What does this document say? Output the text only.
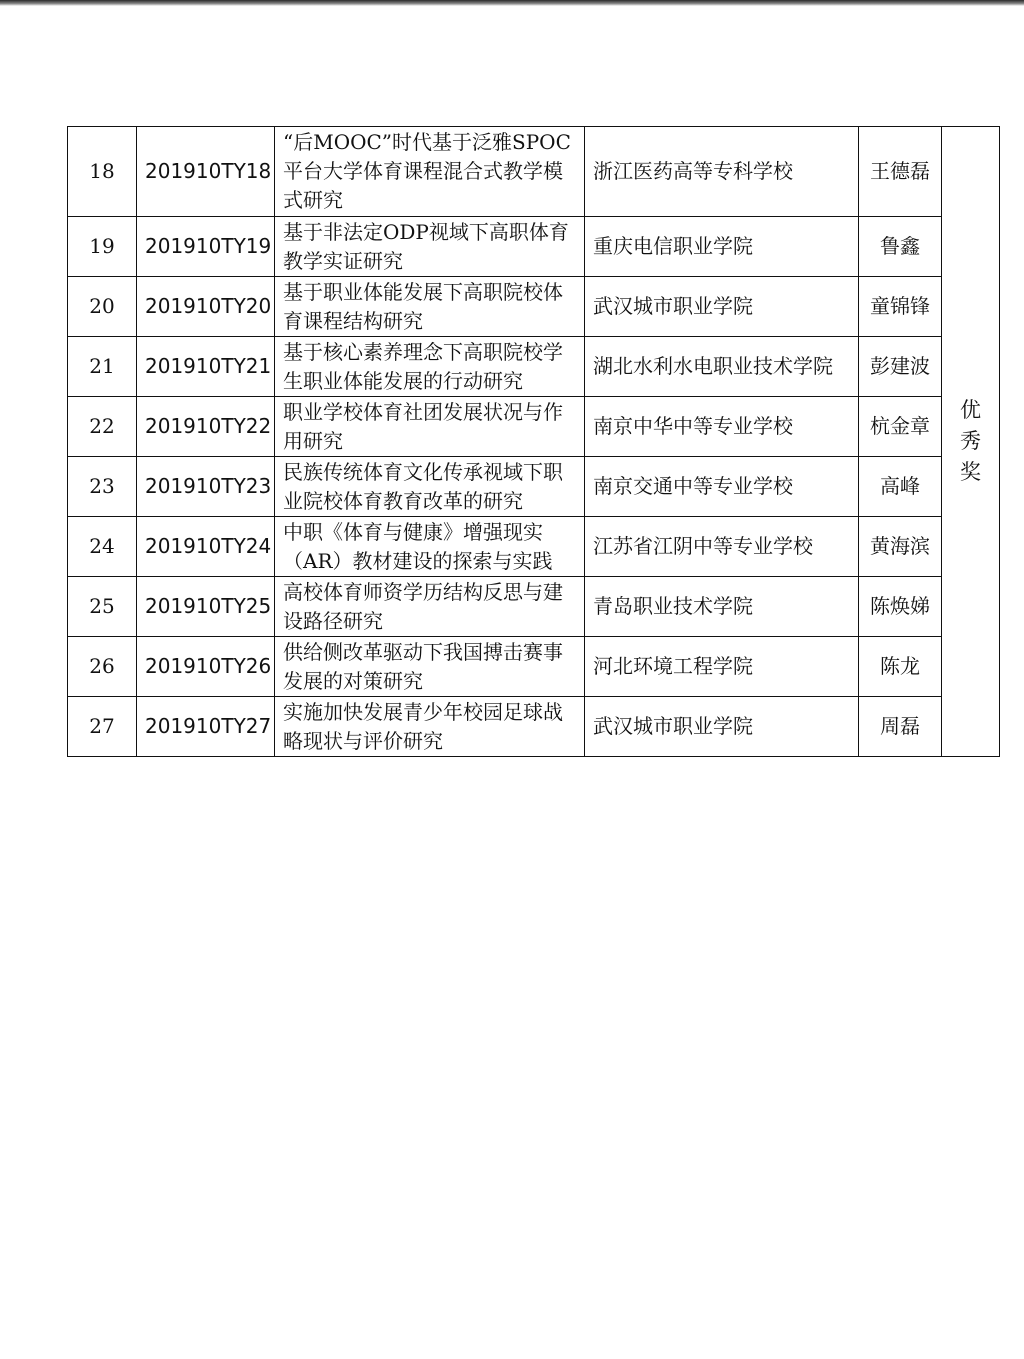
18	201910TY18	“后MOOC”时代基于泛雅SPOC平台大学体育课程混合式教学模式研究	浙江医药高等专科学校	王德磊	优秀奖
19	201910TY19	基于非法定ODP视域下高职体育教学实证研究	重庆电信职业学院	鲁鑫	
20	201910TY20	基于职业体能发展下高职院校体育课程结构研究	武汉城市职业学院	童锦锋	
21	201910TY21	基于核心素养理念下高职院校学生职业体能发展的行动研究	湖北水利水电职业技术学院	彭建波	
22	201910TY22	职业学校体育社团发展状况与作用研究	南京中华中等专业学校	杭金章	
23	201910TY23	民族传统体育文化传承视域下职业院校体育教育改革的研究	南京交通中等专业学校	高峰	
24	201910TY24	中职《体育与健康》增强现实（AR）教材建设的探索与实践	江苏省江阴中等专业学校	黄海滨	
25	201910TY25	高校体育师资学历结构反思与建设路径研究	青岛职业技术学院	陈焕娣	
26	201910TY26	供给侧改革驱动下我国搏击赛事发展的对策研究	河北环境工程学院	陈龙	
27	201910TY27	实施加快发展青少年校园足球战略现状与评价研究	武汉城市职业学院	周磊	
